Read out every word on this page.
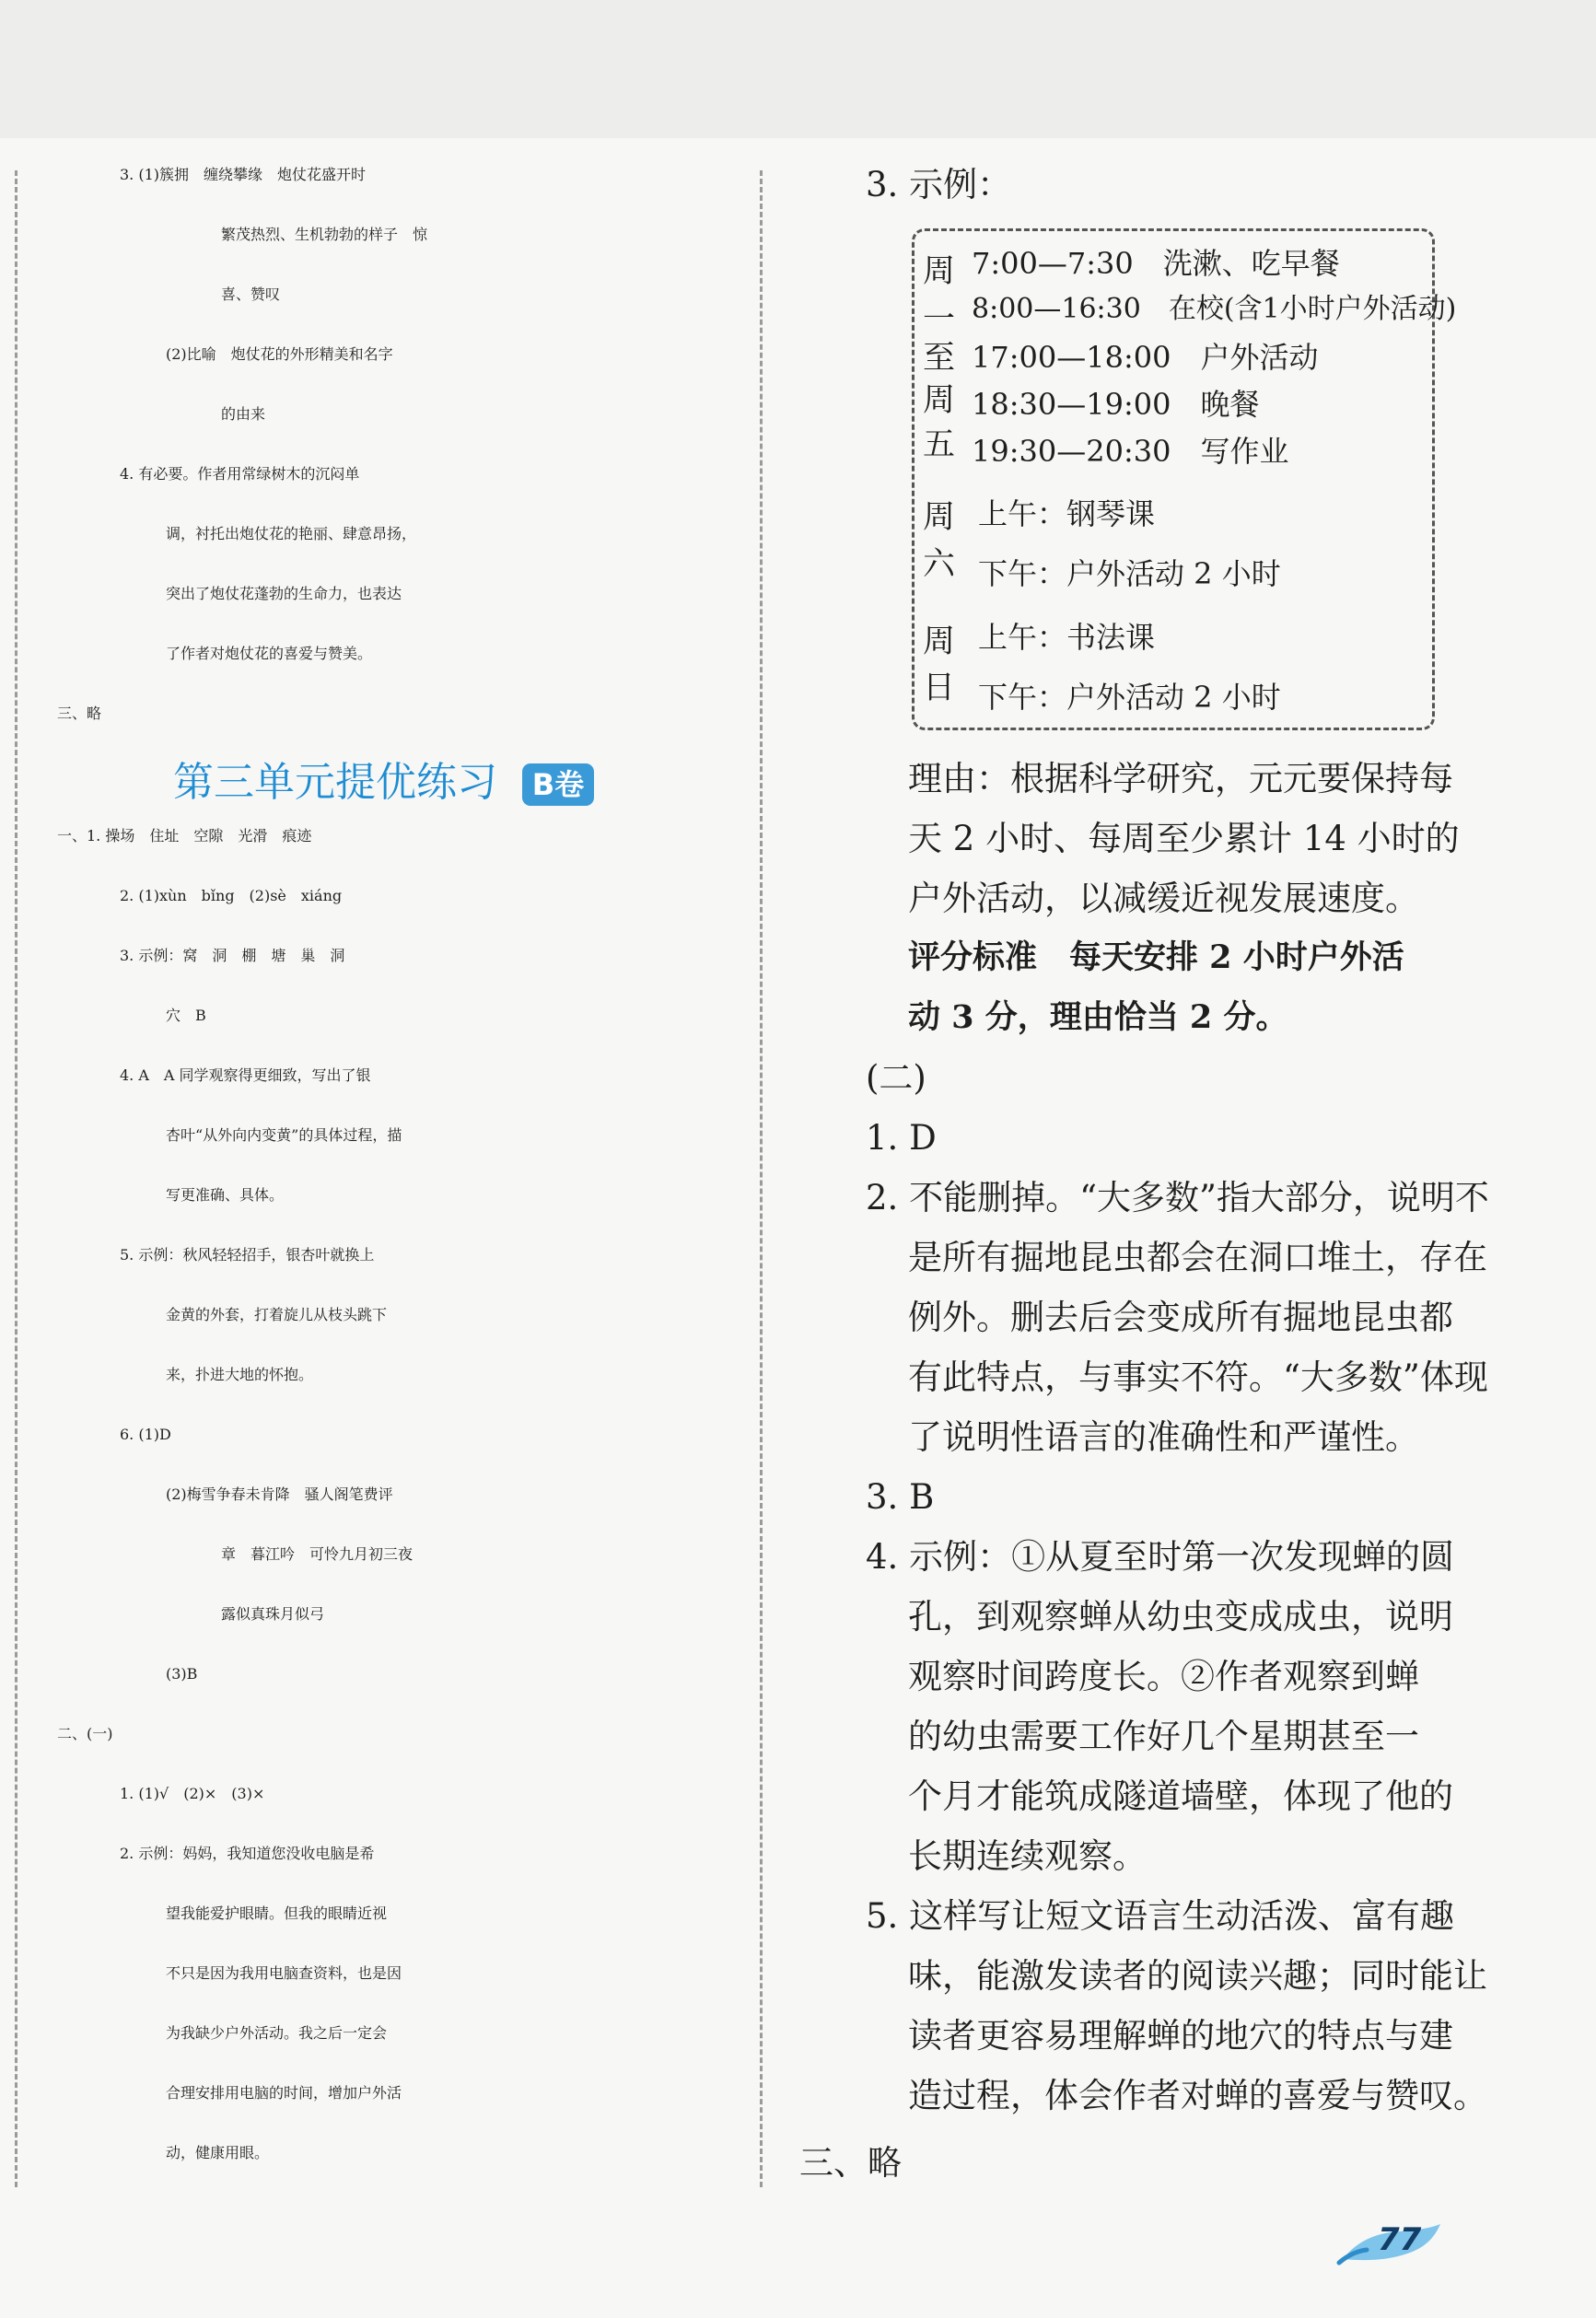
3. (1)簇拥　缠绕攀缘　炮仗花盛开时
繁茂热烈、生机勃勃的样子　惊
喜、赞叹
(2)比喻　炮仗花的外形精美和名字
的由来
4. 有必要。作者用常绿树木的沉闷单
调，衬托出炮仗花的艳丽、肆意昂扬，
突出了炮仗花蓬勃的生命力，也表达
了作者对炮仗花的喜爱与赞美。
三、略
第三单元提优练习	B卷
一、1. 操场　住址　空隙　光滑　痕迹
2. (1)xùn　bǐng　(2)sè　xiáng
3. 示例：窝　洞　棚　塘　巢　洞
穴　B
4. A　A 同学观察得更细致，写出了银
杏叶“从外向内变黄”的具体过程，描
写更准确、具体。
5. 示例：秋风轻轻招手，银杏叶就换上
金黄的外套，打着旋儿从枝头跳下
来，扑进大地的怀抱。
6. (1)D
(2)梅雪争春未肯降　骚人阁笔费评
章　暮江吟　可怜九月初三夜
露似真珠月似弓
(3)B
二、(一)
1. (1)√　(2)×　(3)×
2. 示例：妈妈，我知道您没收电脑是希
望我能爱护眼睛。但我的眼睛近视
不只是因为我用电脑查资料，也是因
为我缺少户外活动。我之后一定会
合理安排用电脑的时间，增加户外活
动，健康用眼。
3. 示例：
周
一
至
周
五
7:00—7:30　洗漱、吃早餐
8:00—16:30　在校(含1小时户外活动)
17:00—18:00　户外活动
18:30—19:00　晚餐
19:30—20:30　写作业
周
六
上午：钢琴课
下午：户外活动 2 小时
周
日
上午：书法课
下午：户外活动 2 小时
理由：根据科学研究，元元要保持每
天 2 小时、每周至少累计 14 小时的
户外活动，以减缓近视发展速度。
评分标准　每天安排 2 小时户外活
动 3 分，理由恰当 2 分。
(二)
1. D
2. 不能删掉。“大多数”指大部分，说明不
是所有掘地昆虫都会在洞口堆土，存在
例外。删去后会变成所有掘地昆虫都
有此特点，与事实不符。“大多数”体现
了说明性语言的准确性和严谨性。
3. B
4. 示例：①从夏至时第一次发现蝉的圆
孔，到观察蝉从幼虫变成成虫，说明
观察时间跨度长。②作者观察到蝉
的幼虫需要工作好几个星期甚至一
个月才能筑成隧道墙壁，体现了他的
长期连续观察。
5. 这样写让短文语言生动活泼、富有趣
味，能激发读者的阅读兴趣；同时能让
读者更容易理解蝉的地穴的特点与建
造过程，体会作者对蝉的喜爱与赞叹。
三、略
77
